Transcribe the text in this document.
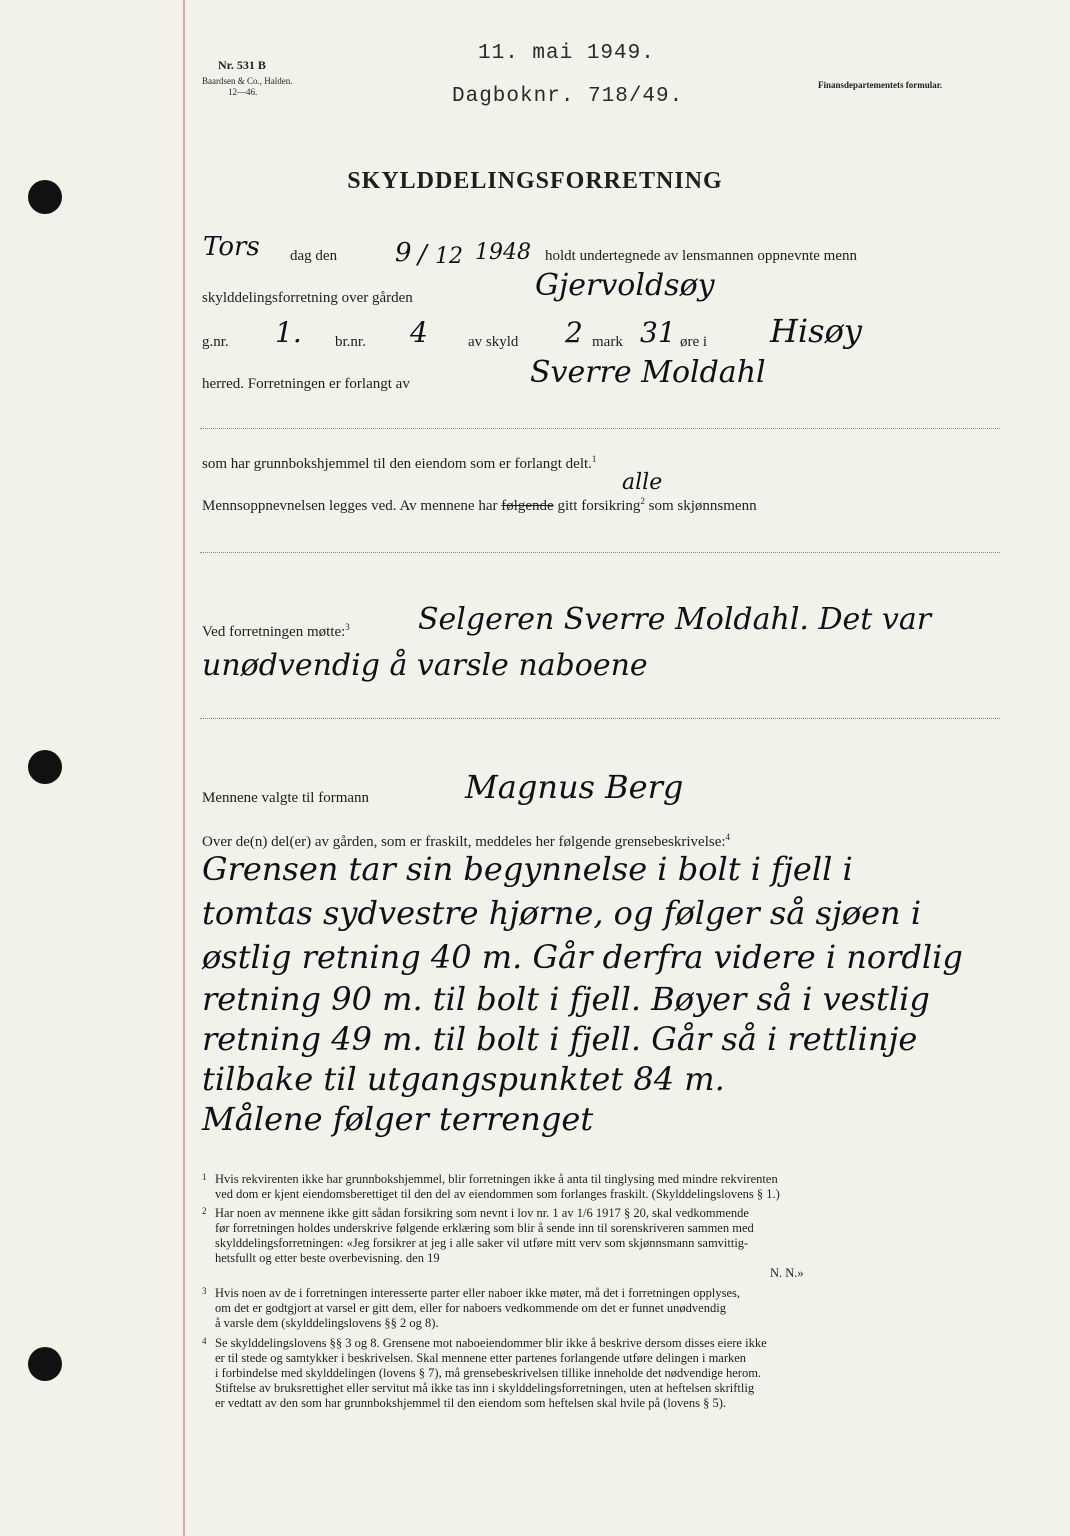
Nr. 531 B
Baardsen & Co., Halden.
12—46.
11. mai 1949.
Dagboknr. 718/49.	Finansdepartementets formular.
SKYLDDELINGSFORRETNING
Tors dag den 9 / 12 1948 holdt undertegnede av lensmannen oppnevnte menn
skylddelingsforretning over gården	Gjervoldsøy
g.nr. 1. br.nr. 4	av skyld 2 mark 31 øre i Hisøy
herred. Forretningen er forlangt av	Sverre Moldahl
som har grunnbokshjemmel til den eiendom som er forlangt delt.$^1$
Mennsoppnevnelsen legges ved. Av mennene har følgende gitt forsikring$^2$ som skjønnsmenn
alle
Ved forretningen møtte:$^3$ Selgeren Sverre Moldahl. Det var
unødvendig å varsle naboene
Mennene valgte til formann	Magnus Berg
Over de(n) del(er) av gården, som er fraskilt, meddeles her følgende grensebeskrivelse:$^4$
Grensen tar sin begynnelse i bolt i fjell i
tomtas sydvestre hjørne, og følger så sjøen i
østlig retning 40 m. Går derfra videre i nordlig
retning 90 m. til bolt i fjell. Bøyer så i vestlig
retning 49 m. til bolt i fjell. Går så i rettlinje
tilbake til utgangspunktet 84 m.
Målene følger terrenget
1 Hvis rekvirenten ikke har grunnbokshjemmel, blir forretningen ikke å anta til tinglysing med mindre rekvirenten
ved dom er kjent eiendomsberettiget til den del av eiendommen som forlanges fraskilt. (Skylddelingslovens § 1.)
2 Har noen av mennene ikke gitt sådan forsikring som nevnt i lov nr. 1 av 1/6 1917 § 20, skal vedkommende
før forretningen holdes underskrive følgende erklæring som blir å sende inn til sorenskriveren sammen med
skylddelingsforretningen: «Jeg forsikrer at jeg i alle saker vil utføre mitt verv som skjønnsmann samvittig-
hetsfullt og etter beste overbevisning. den 19
N. N.»
3 Hvis noen av de i forretningen interesserte parter eller naboer ikke møter, må det i forretningen opplyses,
om det er godtgjort at varsel er gitt dem, eller for naboers vedkommende om det er funnet unødvendig
å varsle dem (skylddelingslovens §§ 2 og 8).
4 Se skylddelingslovens §§ 3 og 8. Grensene mot naboeiendommer blir ikke å beskrive dersom disses eiere ikke
er til stede og samtykker i beskrivelsen. Skal mennene etter partenes forlangende utføre delingen i marken
i forbindelse med skylddelingen (lovens § 7), må grensebeskrivelsen tillike inneholde det nødvendige herom.
Stiftelse av bruksrettighet eller servitut må ikke tas inn i skylddelingsforretningen, uten at heftelsen skriftlig
er vedtatt av den som har grunnbokshjemmel til den eiendom som heftelsen skal hvile på (lovens § 5).
